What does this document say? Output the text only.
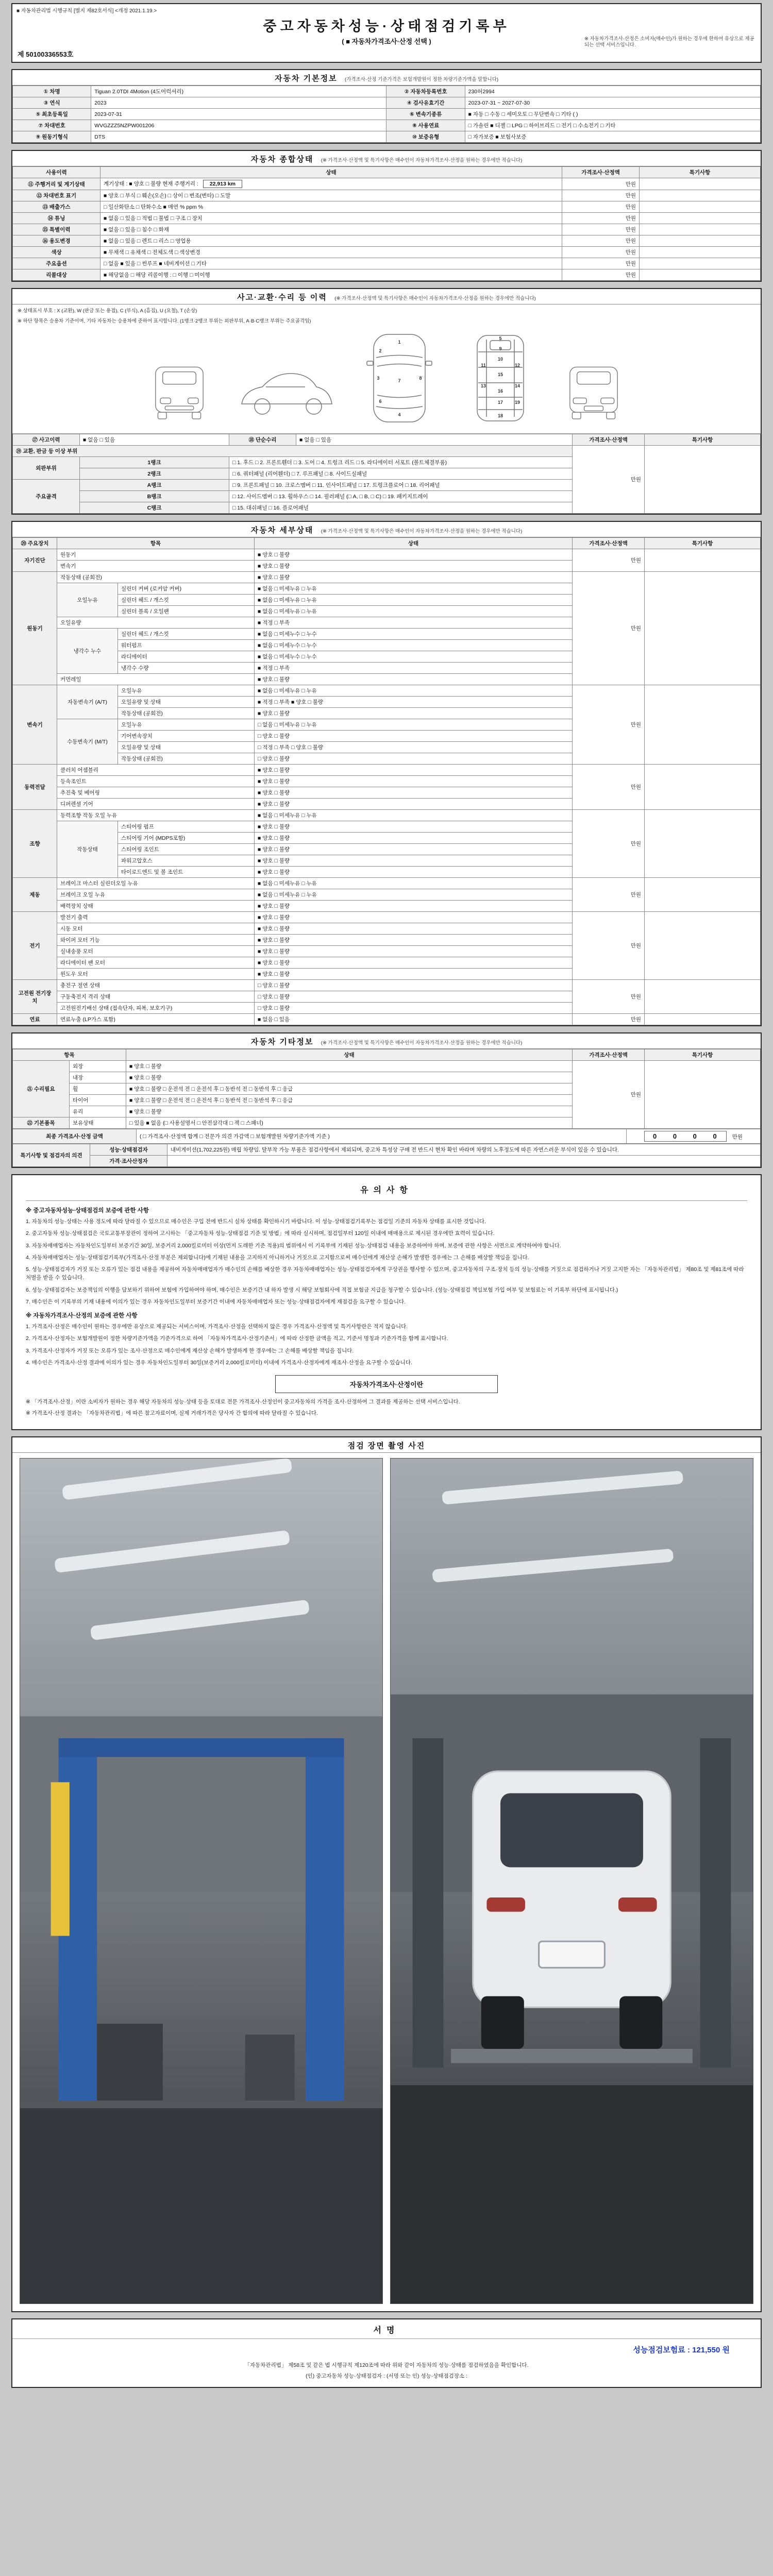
■ 자동차관리법 시행규칙 [별지 제82호서식] <개정 2021.1.19.>
중고자동차성능·상태점검기록부
( ■ 자동차가격조사·산정 선택 )	※ 자동차가격조사·산정은 소비자(매수인)가 원하는 경우에 한하여 유상으로 제공되는 선택 서비스입니다.
제 50100336553호
자동차 기본정보 (가격조사·산정 기준가격은 보험개발원이 정한 차량기준가액을 말합니다)
① 차명	Tiguan 2.0TDI 4Motion (4도어럭셔리)	② 자동차등록번호	230허2994
③ 연식	2023	④ 검사유효기간	2023-07-31 ~ 2027-07-30
⑤ 최초등록일	2023-07-31	⑥ 변속기종류	■ 자동 □ 수동 □ 세미오토 □ 무단변속 □ 기타 ( )
⑦ 차대번호	WVGZZZ5NZPW001206	⑧ 사용연료	□ 가솔린 ■ 디젤 □ LPG □ 하이브리드 □ 전기 □ 수소전기 □ 기타
⑨ 원동기형식	DTS	⑩ 보증유형	□ 자가보증 ■ 보험사보증
자동차 종합상태 (※ 가격조사·산정액 및 특기사항은 매수인이 자동차가격조사·산정을 원하는 경우에만 적습니다)
사용이력	상태	가격조사·산정액	특기사항
⑪ 주행거리 및 계기상태	계기상태 : ■ 양호 □ 불량 현재 주행거리 : 22,913 km	만원	
⑫ 차대번호 표기	■ 양호 □ 부식 □ 훼손(오손) □ 상이 □ 변조(변타) □ 도말	만원	
⑬ 배출가스	□ 일산화탄소 □ 탄화수소 ■ 매연 % ppm %	만원	
⑭ 튜닝	■ 없음 □ 있음 □ 적법 □ 불법 □ 구조 □ 장치	만원	
⑮ 특별이력	■ 없음 □ 있음 □ 침수 □ 화재	만원	
⑯ 용도변경	■ 없음 □ 있음 □ 렌트 □ 리스 □ 영업용	만원	
색상	■ 무채색 □ 유채색 □ 전체도색 □ 색상변경	만원	
주요옵션	□ 없음 ■ 있음 □ 썬루프 ■ 네비게이션 □ 기타	만원	
리콜대상	■ 해당없음 □ 해당 리콜이행 : □ 이행 □ 미이행	만원	
사고·교환·수리 등 이력 (※ 가격조사·산정액 및 특기사항은 매수인이 자동차가격조사·산정을 원하는 경우에만 적습니다)
※ 상태표시 부호 : X (교환), W (판금 또는 용접), C (부식), A (흠집), U (요철), T (손상)
※ 하단 항목은 승용차 기준이며, 기타 자동차는 승용차에 준하여 표시합니다. (1랭크·2랭크 부위는 외판부위, A·B·C랭크 부위는 주요골격임)
1
2
3
4
6
7	8
5
9
10
11	12
13	14
15
16
17
18
19
⑰ 사고이력	■ 없음 □ 있음	⑱ 단순수리	■ 없음 □ 있음	가격조사·산정액	특기사항
⑲ 교환, 판금 등 이상 부위				만원	
외판부위	1랭크	□ 1. 후드 □ 2. 프론트휀더 □ 3. 도어 □ 4. 트렁크 리드 □ 5. 라디에이터 서포트 (볼트체결부품)			
	2랭크	□ 6. 쿼터패널 (리어휀더) □ 7. 루프패널 □ 8. 사이드실패널			
주요골격	A랭크	□ 9. 프론트패널 □ 10. 크로스멤버 □ 11. 인사이드패널 □ 17. 트렁크플로어 □ 18. 리어패널			
	B랭크	□ 12. 사이드멤버 □ 13. 휠하우스 □ 14. 필러패널 (□ A, □ B, □ C) □ 19. 패키지트레이			
	C랭크	□ 15. 대쉬패널 □ 16. 플로어패널			
자동차 세부상태 (※ 가격조사·산정액 및 특기사항은 매수인이 자동차가격조사·산정을 원하는 경우에만 적습니다)
⑳ 주요장치	항목		상태	가격조사·산정액	특기사항
자기진단	원동기		■ 양호 □ 불량	만원	
	변속기		■ 양호 □ 불량		
원동기	작동상태 (공회전)		■ 양호 □ 불량	만원	
	오일누유	실린더 커버 (로커암 커버)	■ 없음 □ 미세누유 □ 누유		
		실린더 헤드 / 개스킷	■ 없음 □ 미세누유 □ 누유		
		실린더 블록 / 오일팬	■ 없음 □ 미세누유 □ 누유		
	오일유량		■ 적정 □ 부족		
	냉각수 누수	실린더 헤드 / 개스킷	■ 없음 □ 미세누수 □ 누수		
		워터펌프	■ 없음 □ 미세누수 □ 누수		
		라디에이터	■ 없음 □ 미세누수 □ 누수		
		냉각수 수량	■ 적정 □ 부족		
	커먼레일		■ 양호 □ 불량		
변속기	자동변속기 (A/T)	오일누유	■ 없음 □ 미세누유 □ 누유	만원	
		오일유량 및 상태	■ 적정 □ 부족 ■ 양호 □ 불량		
		작동상태 (공회전)	■ 양호 □ 불량		
	수동변속기 (M/T)	오일누유	□ 없음 □ 미세누유 □ 누유		
		기어변속장치	□ 양호 □ 불량		
		오일유량 및 상태	□ 적정 □ 부족 □ 양호 □ 불량		
		작동상태 (공회전)	□ 양호 □ 불량		
동력전달	클러치 어셈블리		■ 양호 □ 불량	만원	
	등속조인트		■ 양호 □ 불량		
	추진축 및 베어링		■ 양호 □ 불량		
	디퍼렌셜 기어		■ 양호 □ 불량		
조향	동력조향 작동 오일 누유		■ 없음 □ 미세누유 □ 누유	만원	
	작동상태	스티어링 펌프	■ 양호 □ 불량		
		스티어링 기어 (MDPS포함)	■ 양호 □ 불량		
		스티어링 조인트	■ 양호 □ 불량		
		파워고압호스	■ 양호 □ 불량		
		타이로드엔드 및 볼 조인트	■ 양호 □ 불량		
제동	브레이크 마스터 실린더오일 누유		■ 없음 □ 미세누유 □ 누유	만원	
	브레이크 오일 누유		■ 없음 □ 미세누유 □ 누유		
	배력장치 상태		■ 양호 □ 불량		
전기	발전기 출력		■ 양호 □ 불량	만원	
	시동 모터		■ 양호 □ 불량		
	와이퍼 모터 기능		■ 양호 □ 불량		
	실내송풍 모터		■ 양호 □ 불량		
	라디에이터 팬 모터		■ 양호 □ 불량		
	윈도우 모터		■ 양호 □ 불량		
고전원 전기장치	충전구 절연 상태		□ 양호 □ 불량	만원	
	구동축전지 격리 상태		□ 양호 □ 불량		
	고전원전기배선 상태 (접속단자, 피복, 보호기구)		□ 양호 □ 불량		
연료	연료누출 (LP가스 포함)		■ 없음 □ 있음	만원	
자동차 기타정보 (※ 가격조사·산정액 및 특기사항은 매수인이 자동차가격조사·산정을 원하는 경우에만 적습니다)
항목		상태	가격조사·산정액	특기사항
㉑ 수리필요	외장	■ 양호 □ 불량	만원	
	내장	■ 양호 □ 불량		
	휠	■ 양호 □ 불량 □ 운전석 전 □ 운전석 후 □ 동반석 전 □ 동반석 후 □ 응급		
	타이어	■ 양호 □ 불량 □ 운전석 전 □ 운전석 후 □ 동반석 전 □ 동반석 후 □ 응급		
	유리	■ 양호 □ 불량		
㉒ 기본품목	보유상태	□ 있음 ■ 없음 (□ 사용설명서 □ 안전삼각대 □ 잭 □ 스패너)		
최종 가격조사·산정 금액	( □ 가격조사·산정액 합계 □ 전문가 의견 가감액 □ 보험개발원 차량기준가액 기준 )	0 0 0 0 만원
특기사항 및 점검자의 의견	성능·상태점검자	내비게이션(1,702,225원) 매립 차량임. 탈부착 가능 부품은 점검사항에서 제외되며, 중고차 특성상 구매 전 반드시 현차 확인 바라며 차량의 노후정도에 따른 자연스러운 부식이 있을 수 있습니다.
	가격·조사산정자	
유의사항
※ 중고자동차성능·상태점검의 보증에 관한 사항

1. 자동차의 성능·상태는 사용 정도에 따라 달라질 수 있으므로 매수인은 구입 전에 반드시 실차 상태를 확인하시기 바랍니다. 이 성능·상태점검기록부는 점검일 기준의 자동차 상태를 표시한 것입니다.

2. 중고자동차 성능·상태점검은 국토교통부장관이 정하여 고시하는 「중고자동차 성능·상태점검 기준 및 방법」에 따라 실시하며, 점검일부터 120일 이내에 매매용으로 제시된 경우에만 효력이 있습니다.

3. 자동차매매업자는 자동차인도일부터 보증기간 30일, 보증거리 2,000킬로미터 이상(먼저 도래한 기준 적용)의 범위에서 이 기록부에 기재된 성능·상태점검 내용을 보증하여야 하며, 보증에 관한 사항은 서면으로 계약하여야 합니다.

4. 자동차매매업자는 성능·상태점검기록부(가격조사·산정 부분은 제외합니다)에 기재된 내용을 고지하지 아니하거나 거짓으로 고지함으로써 매수인에게 재산상 손해가 발생한 경우에는 그 손해를 배상할 책임을 집니다.

5. 성능·상태점검자가 거짓 또는 오류가 있는 점검 내용을 제공하여 자동차매매업자가 매수인의 손해를 배상한 경우 자동차매매업자는 성능·상태점검자에게 구상권을 행사할 수 있으며, 중고자동차의 구조·장치 등의 성능·상태를 거짓으로 점검하거나 거짓 고지한 자는 「자동차관리법」 제80조 및 제81조에 따라 처벌을 받을 수 있습니다.

6. 성능·상태점검자는 보증책임의 이행을 담보하기 위하여 보험에 가입하여야 하며, 매수인은 보증기간 내 하자 발생 시 해당 보험회사에 직접 보험금 지급을 청구할 수 있습니다. (성능·상태점검 책임보험 가입 여부 및 보험료는 이 기록부 하단에 표시됩니다.)

7. 매수인은 이 기록부의 기재 내용에 이의가 있는 경우 자동차인도일부터 보증기간 이내에 자동차매매업자 또는 성능·상태점검자에게 재점검을 요구할 수 있습니다.

※ 자동차가격조사·산정의 보증에 관한 사항

1. 가격조사·산정은 매수인이 원하는 경우에만 유상으로 제공되는 서비스이며, 가격조사·산정을 선택하지 않은 경우 가격조사·산정액 및 특기사항란은 적지 않습니다.

2. 가격조사·산정자는 보험개발원이 정한 차량기준가액을 기준가격으로 하여 「자동차가격조사·산정기준서」에 따라 산정한 금액을 적고, 기준서 명칭과 기준가격을 함께 표시합니다.

3. 가격조사·산정자가 거짓 또는 오류가 있는 조사·산정으로 매수인에게 재산상 손해가 발생하게 한 경우에는 그 손해를 배상할 책임을 집니다.

4. 매수인은 가격조사·산정 결과에 이의가 있는 경우 자동차인도일부터 30일(보증거리 2,000킬로미터) 이내에 가격조사·산정자에게 재조사·산정을 요구할 수 있습니다.

자동차가격조사·산정이란

※ 「가격조사·산정」이란 소비자가 원하는 경우 해당 자동차의 성능·상태 등을 토대로 전문 가격조사·산정인이 중고자동차의 가격을 조사·산정하여 그 결과를 제공하는 선택 서비스입니다.

※ 가격조사·산정 결과는 「자동차관리법」에 따른 참고자료이며, 실제 거래가격은 당사자 간 합의에 따라 달라질 수 있습니다.

점검 장면 촬영 사진
서명
성능점검보험료 : 121,550 원
「자동차관리법」 제58조 및 같은 법 시행규칙 제120조에 따라 위와 같이 자동차의 성능·상태를 점검하였음을 확인합니다.
(인) 중고자동차 성능·상태점검자 : (서명 또는 인) 성능·상태점검장소 :
